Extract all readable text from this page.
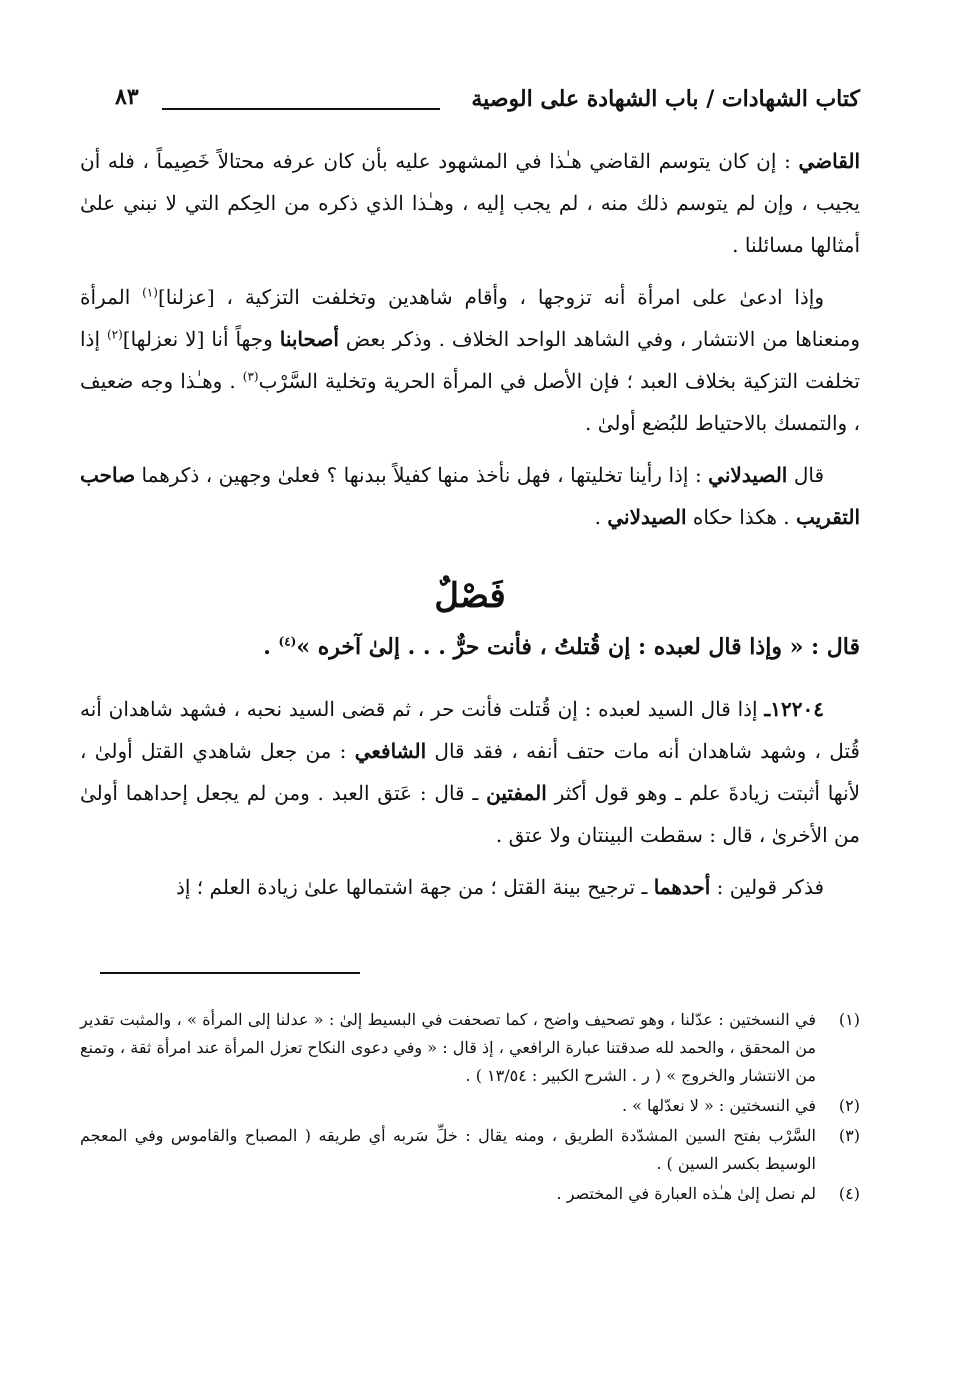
كتاب الشهادات / باب الشهادة على الوصية
٨٣

القاضي : إن كان يتوسم القاضي هـٰذا في المشهود عليه بأن كان عرفه محتالاً خَصِيماً ، فله أن يجيب ، وإن لم يتوسم ذلك منه ، لم يجب إليه ، وهـٰذا الذي ذكره من الحِكم التي لا نبني علىٰ أمثالها مسائلنا .

وإذا ادعىٰ على امرأة أنه تزوجها ، وأقام شاهدين وتخلفت التزكية ، [عزلنا]$^{(١)}$ المرأة ومنعناها من الانتشار ، وفي الشاهد الواحد الخلاف . وذكر بعض أصحابنا وجهاً أنا [لا نعزلها]$^{(٢)}$ إذا تخلفت التزكية بخلاف العبد ؛ فإن الأصل في المرأة الحرية وتخلية السَّرْب$^{(٣)}$ . وهـٰذا وجه ضعيف ، والتمسك بالاحتياط للبُضع أولىٰ .

قال الصيدلاني : إذا رأينا تخليتها ، فهل نأخذ منها كفيلاً ببدنها ؟ فعلىٰ وجهين ، ذكرهما صاحب التقريب . هكذا حكاه الصيدلاني .

فَصْلٌ
قال : « وإذا قال لعبده : إن قُتلتُ ، فأنت حرٌّ . . . إلىٰ آخره »$^{(٤)}$ .

١٢٢٠٤ـ إذا قال السيد لعبده : إن قُتلت فأنت حر ، ثم قضى السيد نحبه ، فشهد شاهدان أنه قُتل ، وشهد شاهدان أنه مات حتف أنفه ، فقد قال الشافعي : من جعل شاهدي القتل أولىٰ ، لأنها أثبتت زيادةَ علم ـ وهو قول أكثر المفتين ـ قال : عَتق العبد . ومن لم يجعل إحداهما أولىٰ من الأخرىٰ ، قال : سقطت البينتان ولا عتق .

فذكر قولين : أحدهما ـ ترجيح بينة القتل ؛ من جهة اشتمالها علىٰ زيادة العلم ؛ إذ

(١)
في النسختين : عدّلنا ، وهو تصحيف واضح ، كما تصحفت في البسيط إلىٰ : « عدلنا إلى المرأة » ، والمثبت تقدير من المحقق ، والحمد لله صدقتنا عبارة الرافعي ، إذ قال : « وفي دعوى النكاح تعزل المرأة عند امرأة ثقة ، وتمنع من الانتشار والخروج » ( ر . الشرح الكبير : ١٣/٥٤ ) .
(٢)
في النسختين : « لا نعدّلها » .
(٣)
السَّرْب بفتح السين المشدّدة الطريق ، ومنه يقال : خلِّ سَربه أي طريقه ( المصباح والقاموس وفي المعجم الوسيط بكسر السين ) .
(٤)
لم نصل إلىٰ هـٰذه العبارة في المختصر .
